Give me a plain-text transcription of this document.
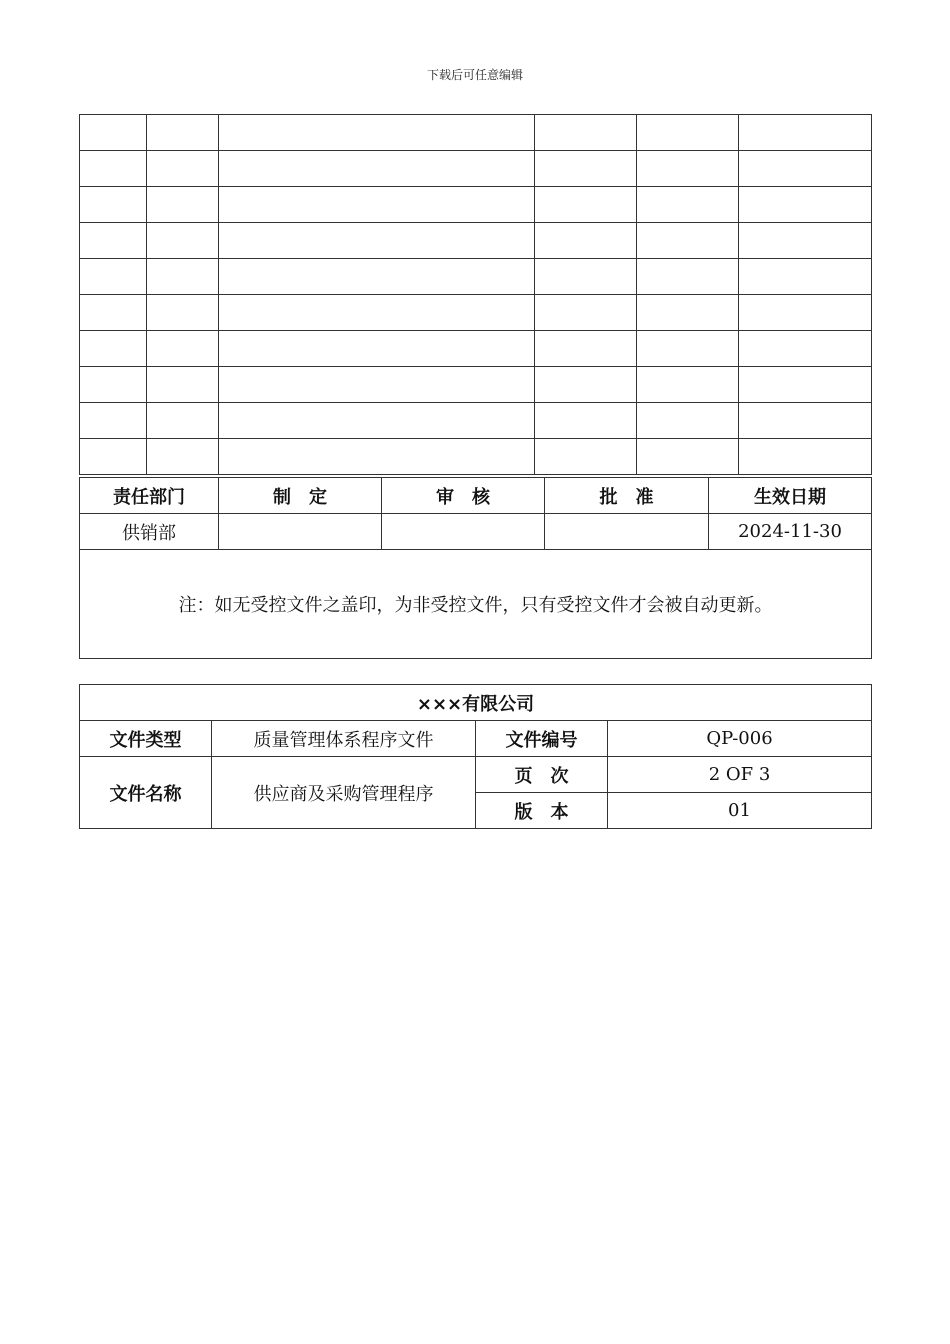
下载后可任意编辑

责任部门	制　定	审　核	批　准	生效日期
供销部				2024-11-30
注：如无受控文件之盖印，为非受控文件，只有受控文件才会被自动更新。				
×××有限公司			
文件类型	质量管理体系程序文件	文件编号	QP-006
文件名称	供应商及采购管理程序	页　次	2 OF 3
		版　本	01
